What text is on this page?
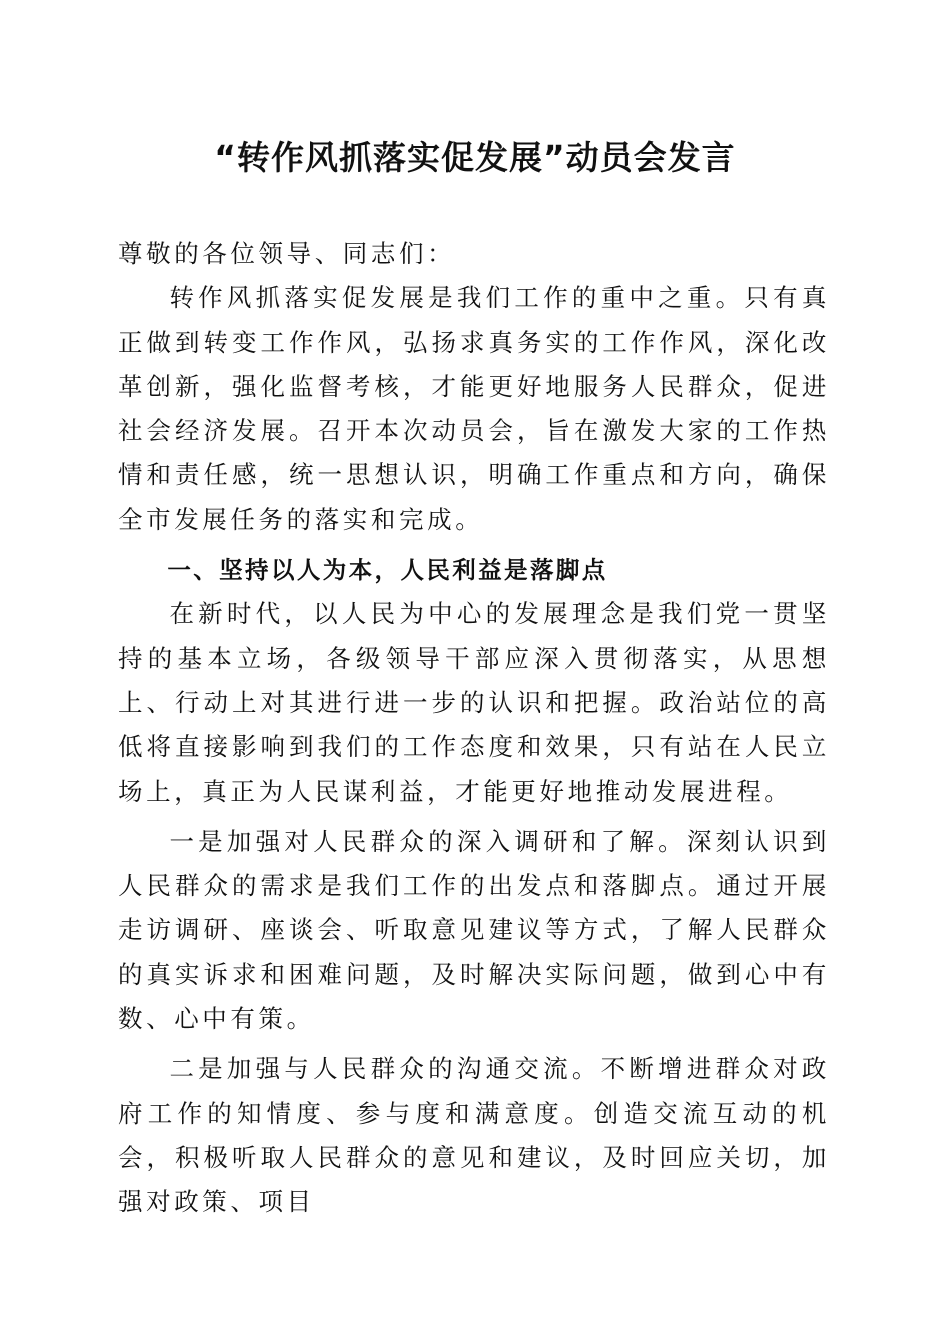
“转作风抓落实促发展”动员会发言

尊敬的各位领导、同志们：

转作风抓落实促发展是我们工作的重中之重。只有真正做到转变工作作风，弘扬求真务实的工作作风，深化改革创新，强化监督考核，才能更好地服务人民群众，促进社会经济发展。召开本次动员会，旨在激发大家的工作热情和责任感，统一思想认识，明确工作重点和方向，确保全市发展任务的落实和完成。

一、坚持以人为本，人民利益是落脚点

在新时代，以人民为中心的发展理念是我们党一贯坚持的基本立场，各级领导干部应深入贯彻落实，从思想上、行动上对其进行进一步的认识和把握。政治站位的高低将直接影响到我们的工作态度和效果，只有站在人民立场上，真正为人民谋利益，才能更好地推动发展进程。

一是加强对人民群众的深入调研和了解。深刻认识到人民群众的需求是我们工作的出发点和落脚点。通过开展走访调研、座谈会、听取意见建议等方式，了解人民群众的真实诉求和困难问题，及时解决实际问题，做到心中有数、心中有策。

二是加强与人民群众的沟通交流。不断增进群众对政府工作的知情度、参与度和满意度。创造交流互动的机会，积极听取人民群众的意见和建议，及时回应关切，加强对政策、项目
